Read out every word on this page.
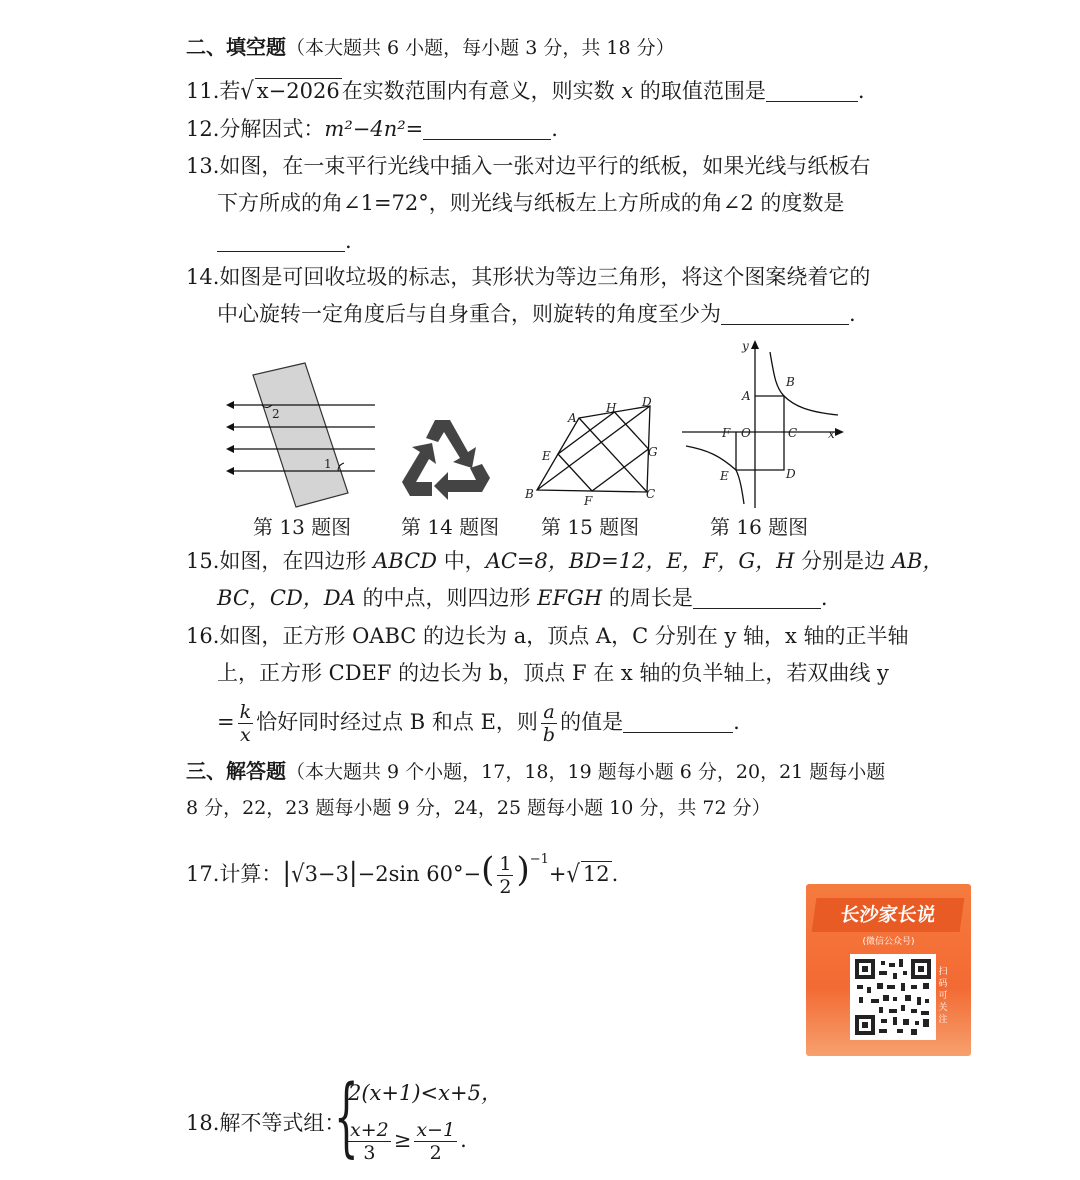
二、填空题（本大题共 6 小题，每小题 3 分，共 18 分）
11.若√ x−2026在实数范围内有意义，则实数 x 的取值范围是	.
12.分解因式：m²−4n²=	.
13.如图，在一束平行光线中插入一张对边平行的纸板，如果光线与纸板右
下方所成的角∠1=72°，则光线与纸板左上方所成的角∠2 的度数是
.
14.如图是可回收垃圾的标志，其形状为等边三角形，将这个图案绕着它的
中心旋转一定角度后与自身重合，则旋转的角度至少为	.
2
1
A
H D
E	G
B	F	C
y
B
A
F O	C	x
E	D
第 13 题图 第 14 题图 第 15 题图	第 16 题图
15.如图，在四边形 ABCD 中，AC=8，BD=12，E，F，G，H 分别是边 AB，
BC，CD，DA 的中点，则四边形 EFGH 的周长是	.
16.如图，正方形 OABC 的边长为 a，顶点 A，C 分别在 y 轴，x 轴的正半轴
上，正方形 CDEF 的边长为 b，顶点 F 在 x 轴的负半轴上，若双曲线 y
= $\frac{k}{x}$ 恰好同时经过点 B 和点 E，则 $\frac{a}{b}$ 的值是	.
三、解答题（本大题共 9 个小题，17，18，19 题每小题 6 分，20，21 题每小题
8 分，22，23 题每小题 9 分，24，25 题每小题 10 分，共 72 分）
17.计算：|√3−3|−2sin $60^\circ-( \frac{1}{2} )^{-1}+√$ 12.
长沙家长说
(微信公众号)
扫码可关注
18.解不等式组：
{
2(x+1)<x+5，
$\frac{x+2}{3} \ge \frac{x-1}{2}$ .
